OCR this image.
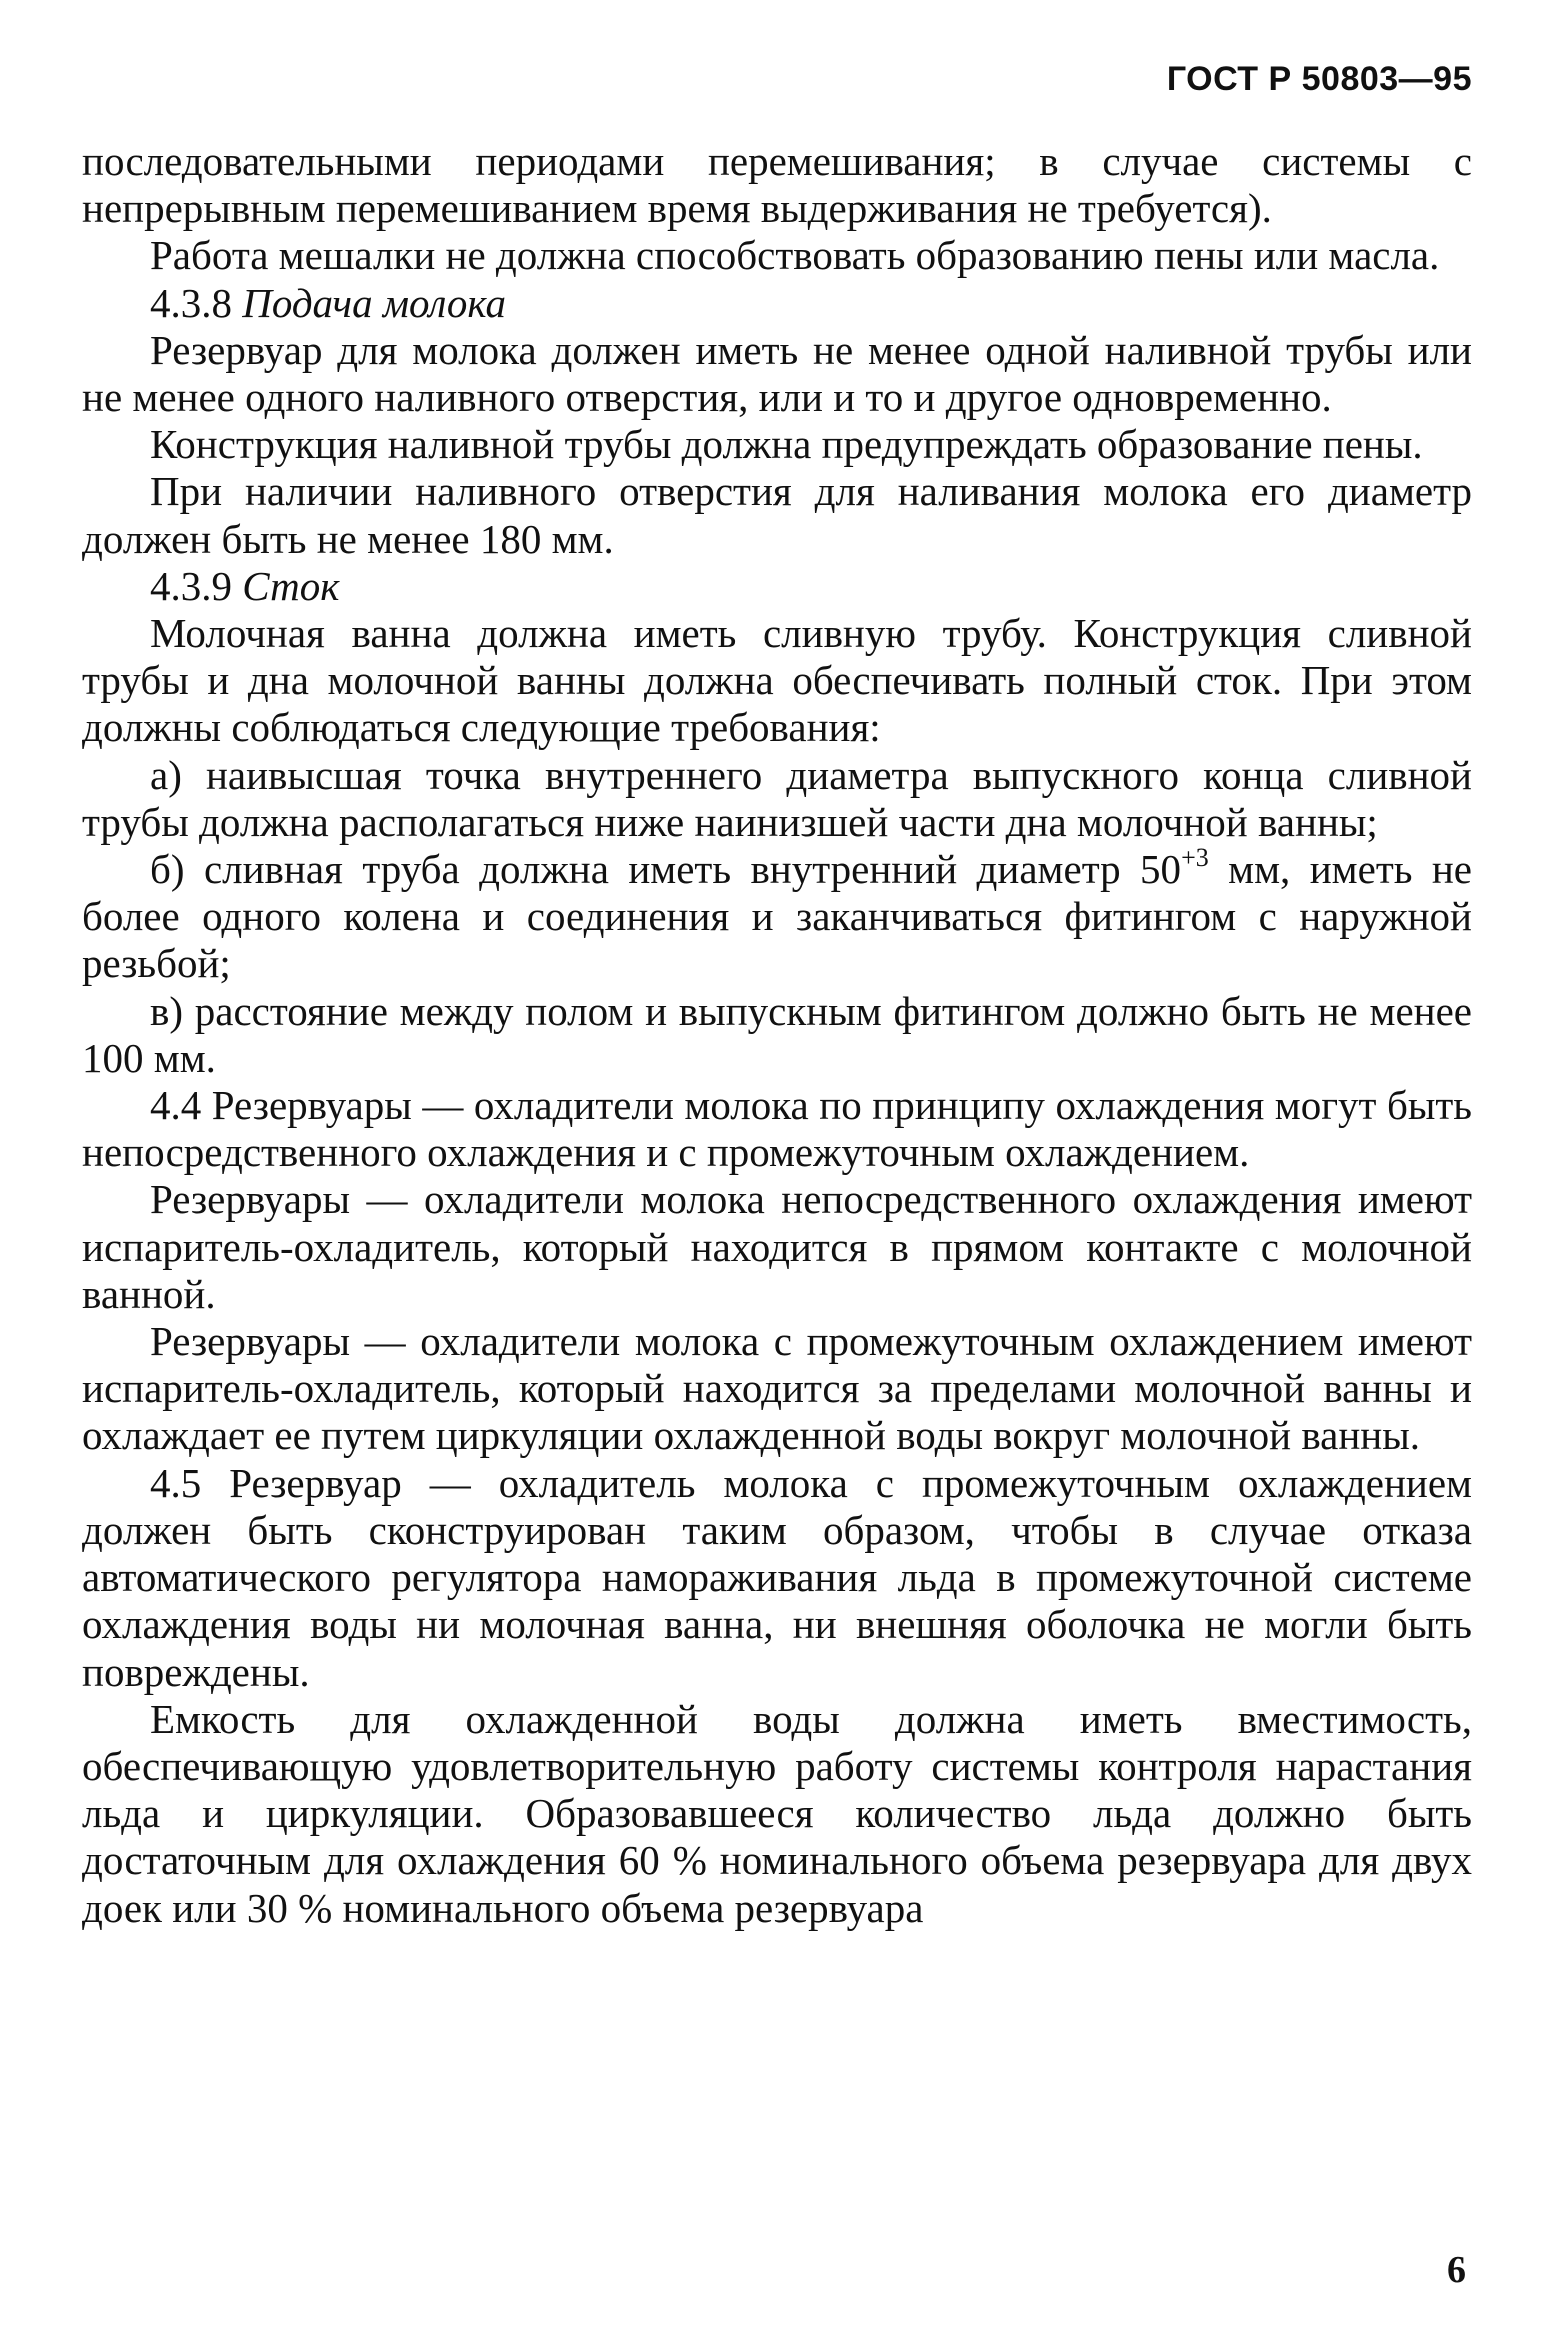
ГОСТ Р 50803—95

последовательными периодами перемешивания; в случае системы с непрерывным перемешиванием время выдерживания не требуется).

Работа мешалки не должна способствовать образованию пены или масла.

4.3.8 Подача молока

Резервуар для молока должен иметь не менее одной наливной трубы или не менее одного наливного отверстия, или и то и другое одновременно.

Конструкция наливной трубы должна предупреждать образование пены.

При наличии наливного отверстия для наливания молока его диаметр должен быть не менее 180 мм.

4.3.9 Сток

Молочная ванна должна иметь сливную трубу. Конструкция сливной трубы и дна молочной ванны должна обеспечивать полный сток. При этом должны соблюдаться следующие требования:

а) наивысшая точка внутреннего диаметра выпускного конца сливной трубы должна располагаться ниже наинизшей части дна молочной ванны;

б) сливная труба должна иметь внутренний диаметр $50^{+3}$ мм, иметь не более одного колена и соединения и заканчиваться фитингом с наружной резьбой;

в) расстояние между полом и выпускным фитингом должно быть не менее 100 мм.

4.4 Резервуары — охладители молока по принципу охлаждения могут быть непосредственного охлаждения и с промежуточным охлаждением.

Резервуары — охладители молока непосредственного охлаждения имеют испаритель-охладитель, который находится в прямом контакте с молочной ванной.

Резервуары — охладители молока с промежуточным охлаждением имеют испаритель-охладитель, который находится за пределами молочной ванны и охлаждает ее путем циркуляции охлажденной воды вокруг молочной ванны.

4.5 Резервуар — охладитель молока с промежуточным охлаждением должен быть сконструирован таким образом, чтобы в случае отказа автоматического регулятора намораживания льда в промежуточной системе охлаждения воды ни молочная ванна, ни внешняя оболочка не могли быть повреждены.

Емкость для охлажденной воды должна иметь вместимость, обеспечивающую удовлетворительную работу системы контроля нарастания льда и циркуляции. Образовавшееся количество льда должно быть достаточным для охлаждения 60 % номинального объема резервуара для двух доек или 30 % номинального объема резервуара

6
